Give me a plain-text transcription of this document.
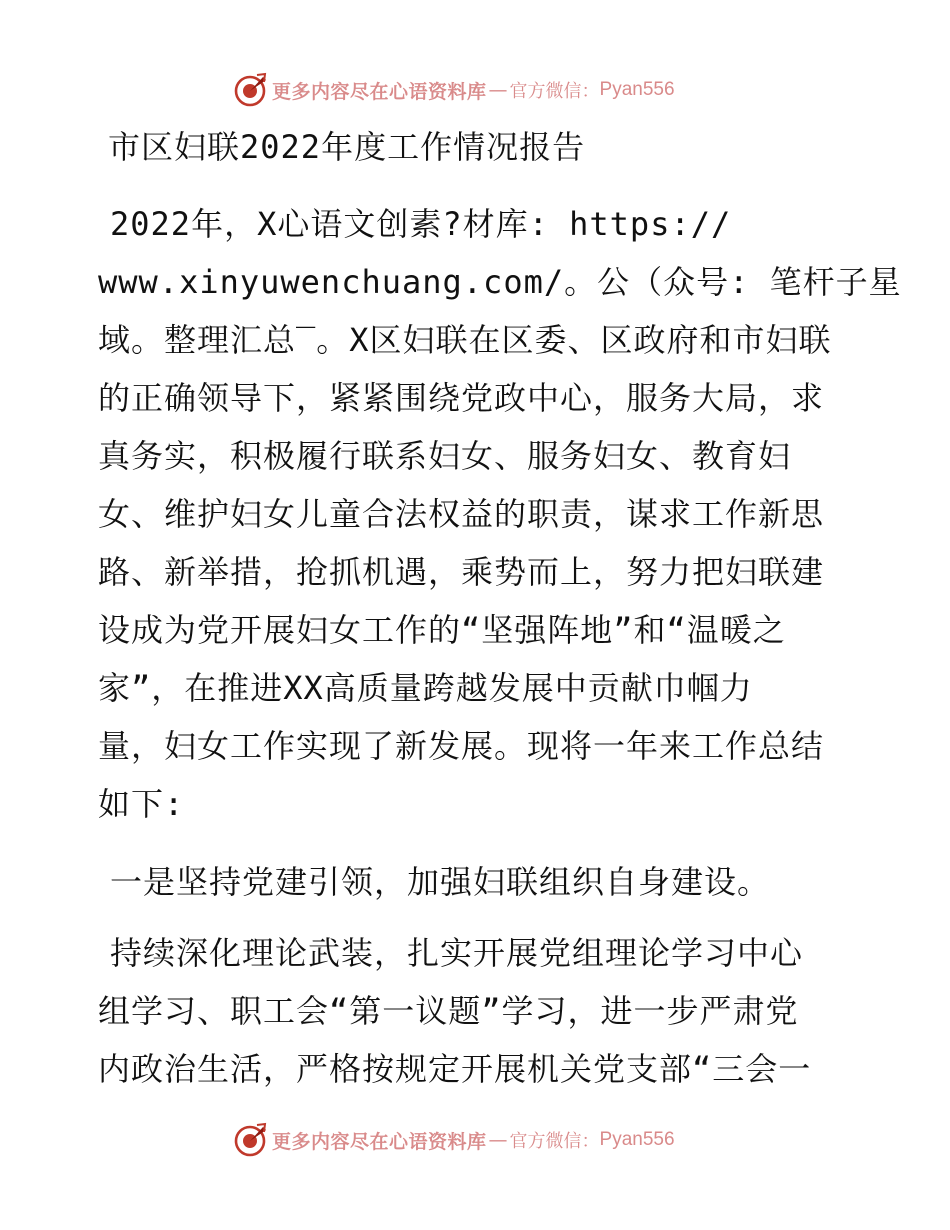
更多内容尽在心语资料库 — 官方微信： Pyan556
市区妇联2022年度工作情况报告
2022年，X心语文创素?材库: https://
www.xinyuwenchuang.com/。公（众号: 笔杆子星
域。整理汇总‾。X区妇联在区委、区政府和市妇联
的正确领导下，紧紧围绕党政中心，服务大局，求
真务实，积极履行联系妇女、服务妇女、教育妇
女、维护妇女儿童合法权益的职责，谋求工作新思
路、新举措，抢抓机遇，乘势而上，努力把妇联建
设成为党开展妇女工作的“坚强阵地”和“温暖之
家”，在推进XX高质量跨越发展中贡献巾帼力
量，妇女工作实现了新发展。现将一年来工作总结
如下:
一是坚持党建引领，加强妇联组织自身建设。
持续深化理论武装，扎实开展党组理论学习中心
组学习、职工会“第一议题”学习，进一步严肃党
内政治生活，严格按规定开展机关党支部“三会一
更多内容尽在心语资料库 — 官方微信： Pyan556
